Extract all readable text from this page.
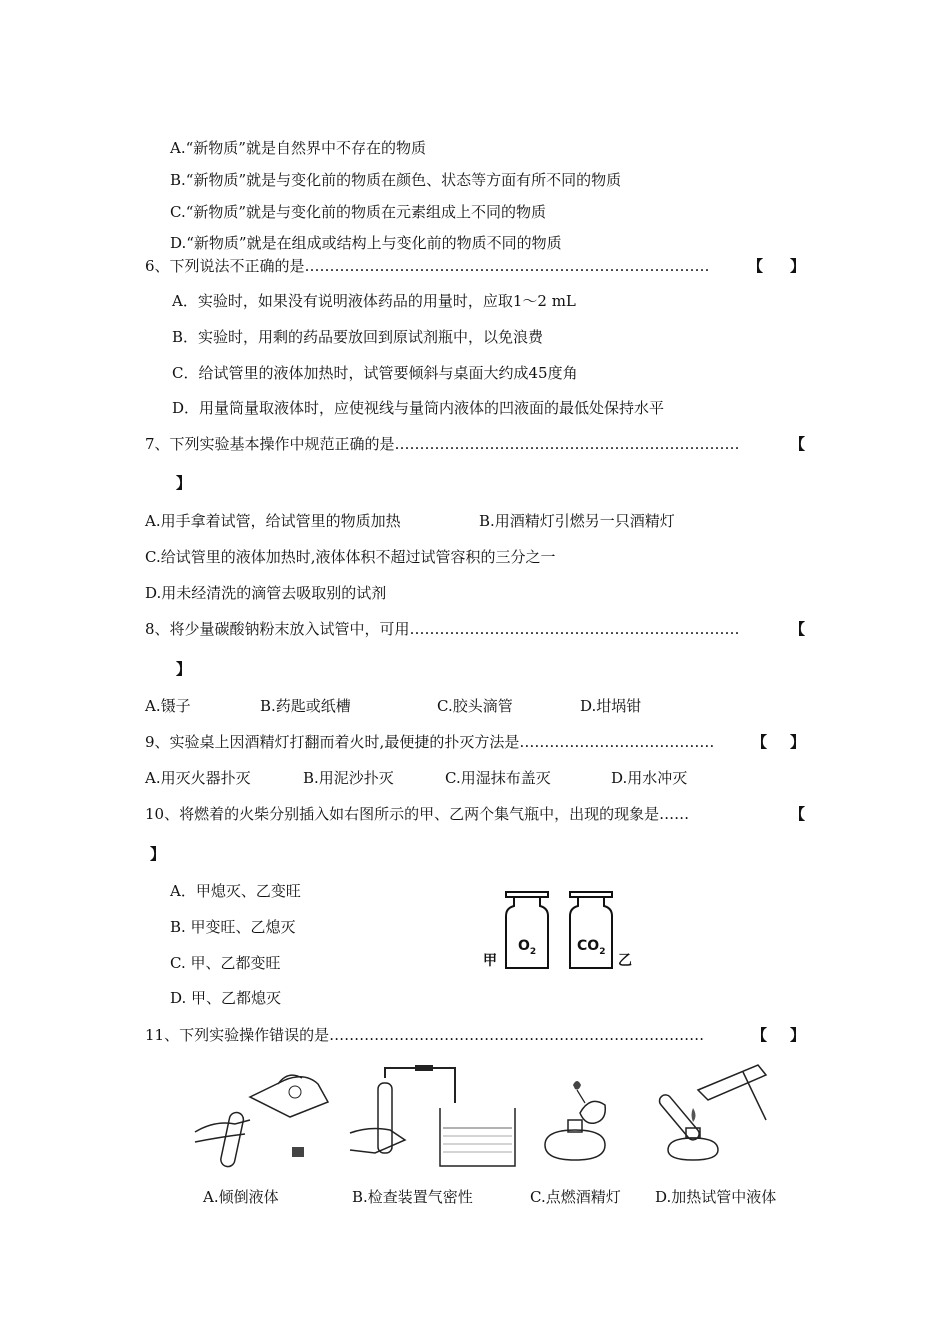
A.“新物质”就是自然界中不存在的物质
B.“新物质”就是与变化前的物质在颜色、状态等方面有所不同的物质
C.“新物质”就是与变化前的物质在元素组成上不同的物质
D.“新物质”就是在组成或结构上与变化前的物质不同的物质
6、下列说法不正确的是………………………………………………………………………	【 】
A．实验时，如果没有说明液体药品的用量时，应取1～2 mL
B．实验时，用剩的药品要放回到原试剂瓶中，以免浪费
C．给试管里的液体加热时，试管要倾斜与桌面大约成45度角
D．用量筒量取液体时，应使视线与量筒内液体的凹液面的最低处保持水平
7、下列实验基本操作中规范正确的是……………………………………………………………	【
】
A.用手拿着试管，给试管里的物质加热	B.用酒精灯引燃另一只酒精灯
C.给试管里的液体加热时,液体体积不超过试管容积的三分之一
D.用未经清洗的滴管去吸取别的试剂
8、将少量碳酸钠粉末放入试管中，可用…………………………………………………………	【
】
A.镊子	B.药匙或纸槽	C.胶头滴管	D.坩埚钳
9、实验桌上因酒精灯打翻而着火时,最便捷的扑灭方法是…………………………………	【 】
A.用灭火器扑灭	B.用泥沙扑灭	C.用湿抹布盖灭	D.用水冲灭
10、将燃着的火柴分别插入如右图所示的甲、乙两个集气瓶中，出现的现象是……	【
】
A．甲熄灭、乙变旺
B. 甲变旺、乙熄灭
C. 甲、乙都变旺
D. 甲、乙都熄灭
甲
$O_2$	$CO_2$
乙
11、下列实验操作错误的是…………………………………………………………………	【 】
A.倾倒液体	B.检查装置气密性	C.点燃酒精灯 D.加热试管中液体
